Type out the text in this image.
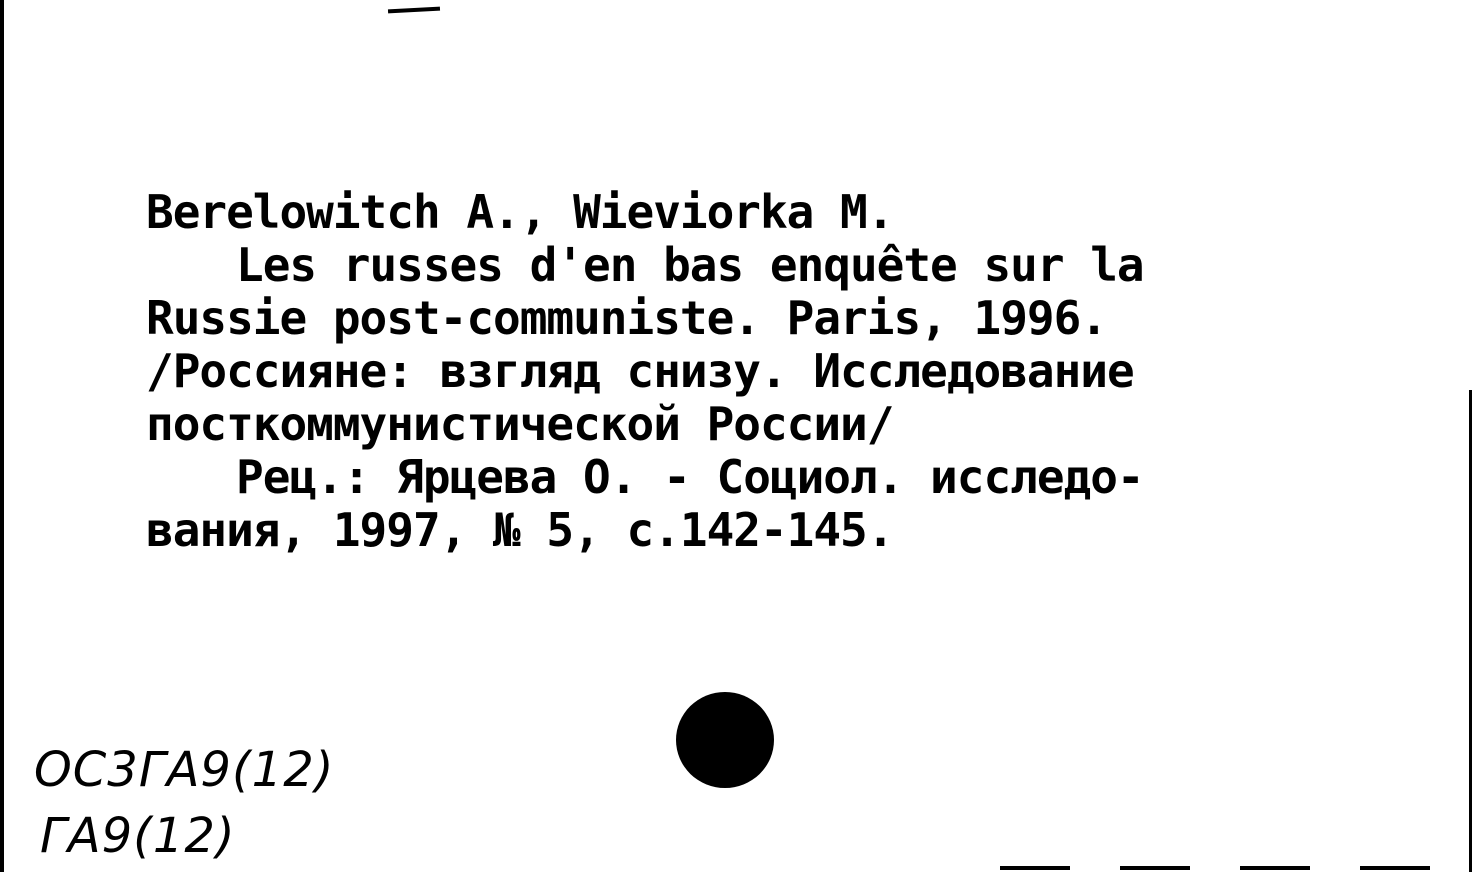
Berelowitch A., Wieviorka M.
Les russes d'en bas enquête sur la
Russie post-communiste. Paris, 1996.
/Россияне: взгляд снизу. Исследование
посткоммунистической России/
Рец.: Ярцева О. - Социол. исследо-
вания, 1997, № 5, с.142-145.
ОС3ГА9(12)
ГА9(12)
